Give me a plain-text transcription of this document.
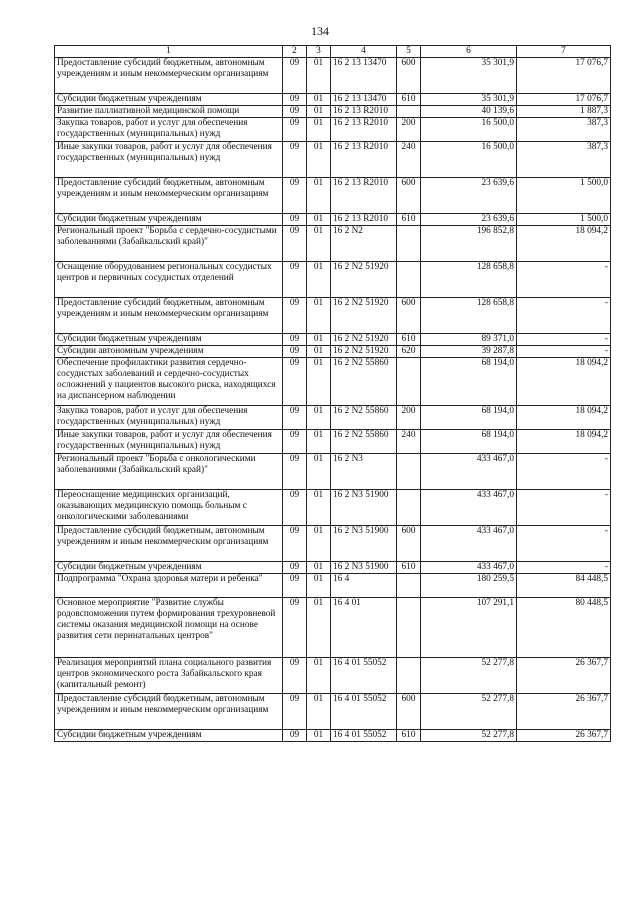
134
1	2	3	4	5	6	7
Предоставление субсидий бюджетным, автономным учреждениям и иным некоммерческим организациям	09	01	16 2 13 13470	600	35 301,9	17 076,7
Субсидии бюджетным учреждениям	09	01	16 2 13 13470	610	35 301,9	17 076,7
Развитие паллиативной медицинской помощи	09	01	16 2 13 R2010		40 139,6	1 887,3
Закупка товаров, работ и услуг для обеспечения государственных (муниципальных) нужд	09	01	16 2 13 R2010	200	16 500,0	387,3
Иные закупки товаров, работ и услуг для обеспечения государственных (муниципальных) нужд	09	01	16 2 13 R2010	240	16 500,0	387,3
Предоставление субсидий бюджетным, автономным учреждениям и иным некоммерческим организациям	09	01	16 2 13 R2010	600	23 639,6	1 500,0
Субсидии бюджетным учреждениям	09	01	16 2 13 R2010	610	23 639,6	1 500,0
Региональный проект "Борьба с сердечно-сосудистыми заболеваниями (Забайкальский край)"	09	01	16 2 N2		196 852,8	18 094,2
Оснащение оборудованием региональных сосудистых центров и первичных сосудистых отделений	09	01	16 2 N2 51920		128 658,8	-
Предоставление субсидий бюджетным, автономным учреждениям и иным некоммерческим организациям	09	01	16 2 N2 51920	600	128 658,8	-
Субсидии бюджетным учреждениям	09	01	16 2 N2 51920	610	89 371,0	-
Субсидии автономным учреждениям	09	01	16 2 N2 51920	620	39 287,8	-
Обеспечение профилактики развития сердечно-сосудистых заболеваний и сердечно-сосудистых осложнений у пациентов высокого риска, находящихся на диспансерном наблюдении	09	01	16 2 N2 55860		68 194,0	18 094,2
Закупка товаров, работ и услуг для обеспечения государственных (муниципальных) нужд	09	01	16 2 N2 55860	200	68 194,0	18 094,2
Иные закупки товаров, работ и услуг для обеспечения государственных (муниципальных) нужд	09	01	16 2 N2 55860	240	68 194,0	18 094,2
Региональный проект "Борьба с онкологическими заболеваниями (Забайкальский край)"	09	01	16 2 N3		433 467,0	-
Переоснащение медицинских организаций, оказывающих медицинскую помощь больным с онкологическими заболеваниями	09	01	16 2 N3 51900		433 467,0	-
Предоставление субсидий бюджетным, автономным учреждениям и иным некоммерческим организациям	09	01	16 2 N3 51900	600	433 467,0	-
Субсидии бюджетным учреждениям	09	01	16 2 N3 51900	610	433 467,0	-
Подпрограмма "Охрана здоровья матери и ребенка"	09	01	16 4		180 259,5	84 448,5
Основное мероприятие "Развитие службы родовспоможения путем формирования трехуровневой системы оказания медицинской помощи на основе развития сети перинатальных центров"	09	01	16 4 01		107 291,1	80 448,5
Реализация мероприятий плана социального развития центров экономического роста Забайкальского края (капитальный ремонт)	09	01	16 4 01 55052		52 277,8	26 367,7
Предоставление субсидий бюджетным, автономным учреждениям и иным некоммерческим организациям	09	01	16 4 01 55052	600	52 277,8	26 367,7
Субсидии бюджетным учреждениям	09	01	16 4 01 55052	610	52 277,8	26 367,7
